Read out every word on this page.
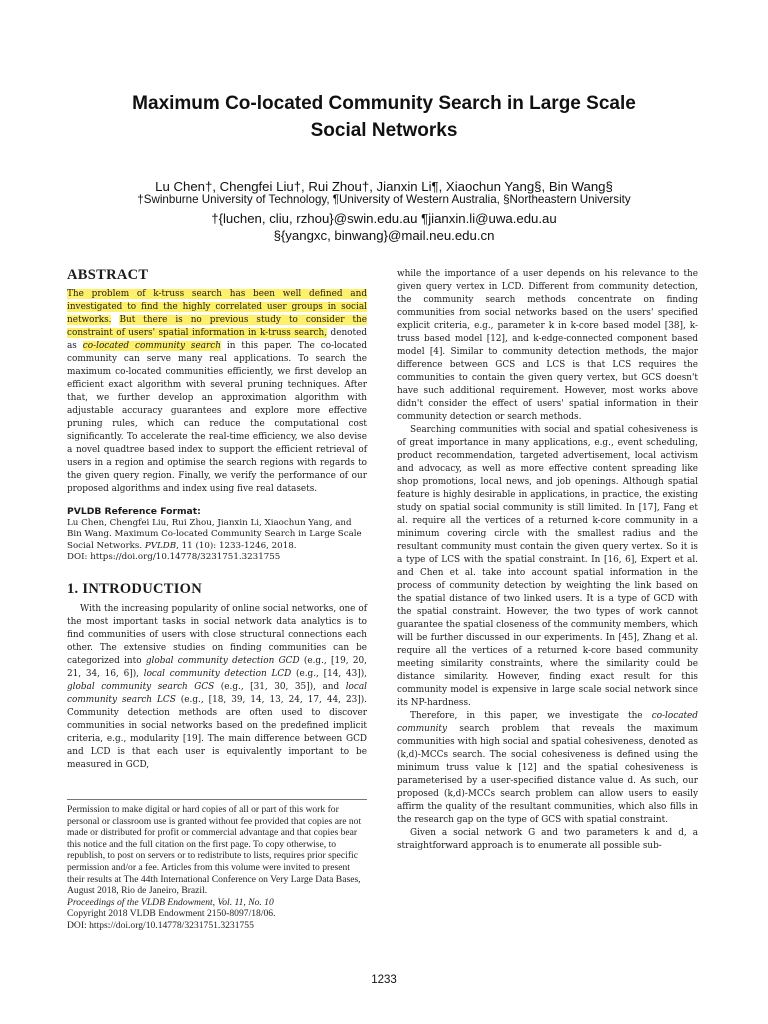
Maximum Co-located Community Search in Large Scale
Social Networks
Lu Chen†, Chengfei Liu†, Rui Zhou†, Jianxin Li¶, Xiaochun Yang§, Bin Wang§
†Swinburne University of Technology, ¶University of Western Australia, §Northeastern University
†{luchen, cliu, rzhou}@swin.edu.au ¶jianxin.li@uwa.edu.au
§{yangxc, binwang}@mail.neu.edu.cn
ABSTRACT

The problem of k-truss search has been well defined and investigated to find the highly correlated user groups in social networks. But there is no previous study to consider the constraint of users' spatial information in k-truss search, denoted as co-located community search in this paper. The co-located community can serve many real applications. To search the maximum co-located communities efficiently, we first develop an efficient exact algorithm with several pruning techniques. After that, we further develop an approximation algorithm with adjustable accuracy guarantees and explore more effective pruning rules, which can reduce the computational cost significantly. To accelerate the real-time efficiency, we also devise a novel quadtree based index to support the efficient retrieval of users in a region and optimise the search regions with regards to the given query region. Finally, we verify the performance of our proposed algorithms and index using five real datasets.

PVLDB Reference Format:

Lu Chen, Chengfei Liu, Rui Zhou, Jianxin Li, Xiaochun Yang, and Bin Wang. Maximum Co-located Community Search in Large Scale Social Networks. PVLDB, 11 (10): 1233-1246, 2018.
DOI: https://doi.org/10.14778/3231751.3231755

1. INTRODUCTION

With the increasing popularity of online social networks, one of the most important tasks in social network data analytics is to find communities of users with close structural connections each other. The extensive studies on finding communities can be categorized into global community detection GCD (e.g., [19, 20, 21, 34, 16, 6]), local community detection LCD (e.g., [14, 43]), global community search GCS (e.g., [31, 30, 35]), and local community search LCS (e.g., [18, 39, 14, 13, 24, 17, 44, 23]). Community detection methods are often used to discover communities in social networks based on the predefined implicit criteria, e.g., modularity [19]. The main difference between GCD and LCD is that each user is equivalently important to be measured in GCD,

Permission to make digital or hard copies of all or part of this work for personal or classroom use is granted without fee provided that copies are not made or distributed for profit or commercial advantage and that copies bear this notice and the full citation on the first page. To copy otherwise, to republish, to post on servers or to redistribute to lists, requires prior specific permission and/or a fee. Articles from this volume were invited to present their results at The 44th International Conference on Very Large Data Bases, August 2018, Rio de Janeiro, Brazil.

Proceedings of the VLDB Endowment, Vol. 11, No. 10

Copyright 2018 VLDB Endowment 2150-8097/18/06.

DOI: https://doi.org/10.14778/3231751.3231755

while the importance of a user depends on his relevance to the given query vertex in LCD. Different from community detection, the community search methods concentrate on finding communities from social networks based on the users' specified explicit criteria, e.g., parameter k in k-core based model [38], k-truss based model [12], and k-edge-connected component based model [4]. Similar to community detection methods, the major difference between GCS and LCS is that LCS requires the communities to contain the given query vertex, but GCS doesn't have such additional requirement. However, most works above didn't consider the effect of users' spatial information in their community detection or search methods.

Searching communities with social and spatial cohesiveness is of great importance in many applications, e.g., event scheduling, product recommendation, targeted advertisement, local activism and advocacy, as well as more effective content spreading like shop promotions, local news, and job openings. Although spatial feature is highly desirable in applications, in practice, the existing study on spatial social community is still limited. In [17], Fang et al. require all the vertices of a returned k-core community in a minimum covering circle with the smallest radius and the resultant community must contain the given query vertex. So it is a type of LCS with the spatial constraint. In [16, 6], Expert et al. and Chen et al. take into account spatial information in the process of community detection by weighting the link based on the spatial distance of two linked users. It is a type of GCD with the spatial constraint. However, the two types of work cannot guarantee the spatial closeness of the community members, which will be further discussed in our experiments. In [45], Zhang et al. require all the vertices of a returned k-core based community meeting similarity constraints, where the similarity could be distance similarity. However, finding exact result for this community model is expensive in large scale social network since its NP-hardness.

Therefore, in this paper, we investigate the co-located community search problem that reveals the maximum communities with high social and spatial cohesiveness, denoted as (k,d)-MCCs search. The social cohesiveness is defined using the minimum truss value k [12] and the spatial cohesiveness is parameterised by a user-specified distance value d. As such, our proposed (k,d)-MCCs search problem can allow users to easily affirm the quality of the resultant communities, which also fills in the research gap on the type of GCS with spatial constraint.

Given a social network G and two parameters k and d, a straightforward approach is to enumerate all possible sub-

1233
